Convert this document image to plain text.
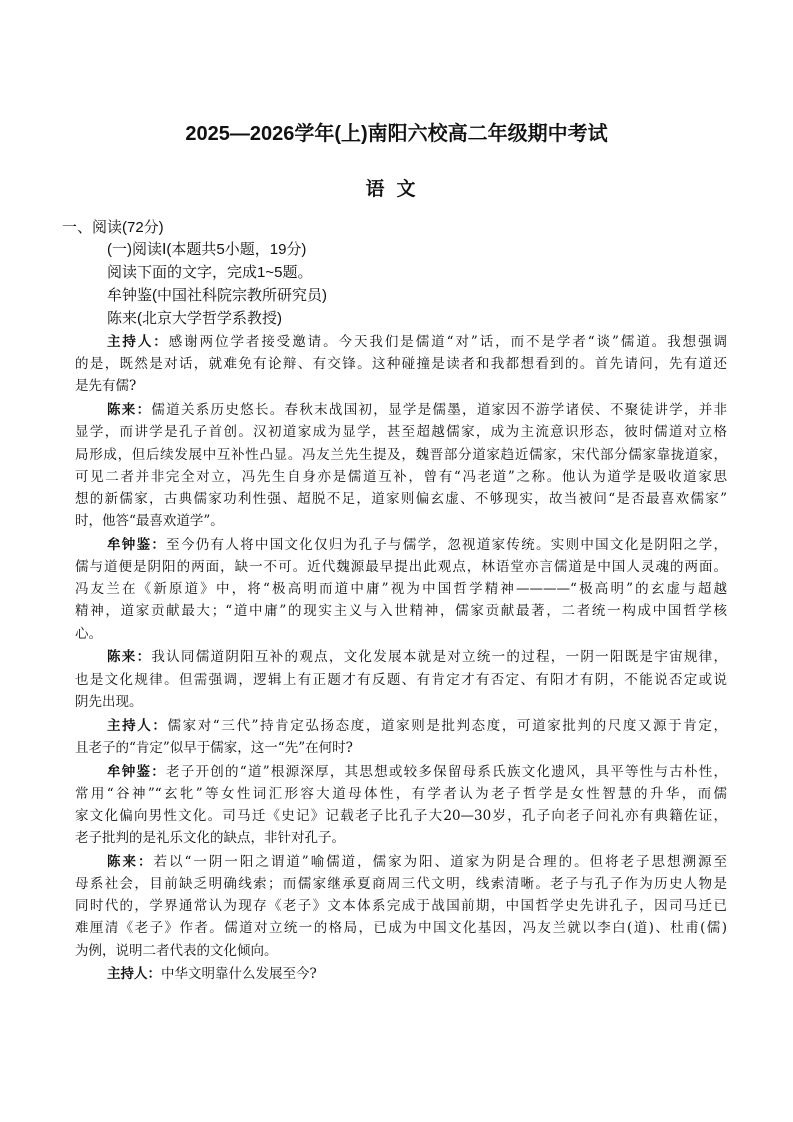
2025—2026学年(上)南阳六校高二年级期中考试
语文
一、阅读(72分)
(一)阅读Ⅰ(本题共5小题，19分)
阅读下面的文字，完成1~5题。
牟钟鉴(中国社科院宗教所研究员)
陈来(北京大学哲学系教授)
主持人：感谢两位学者接受邀请。今天我们是儒道“对”话，而不是学者“谈”儒道。我想强调
的是，既然是对话，就难免有论辩、有交锋。这种碰撞是读者和我都想看到的。首先请问，先有道还
是先有儒?
陈来：儒道关系历史悠长。春秋末战国初，显学是儒墨，道家因不游学诸侯、不聚徒讲学，并非
显学，而讲学是孔子首创。汉初道家成为显学，甚至超越儒家，成为主流意识形态，彼时儒道对立格
局形成，但后续发展中互补性凸显。冯友兰先生提及，魏晋部分道家趋近儒家，宋代部分儒家靠拢道家，
可见二者并非完全对立，冯先生自身亦是儒道互补，曾有“冯老道”之称。他认为道学是吸收道家思
想的新儒家，古典儒家功利性强、超脱不足，道家则偏玄虚、不够现实，故当被问“是否最喜欢儒家”
时，他答“最喜欢道学”。
牟钟鉴：至今仍有人将中国文化仅归为孔子与儒学，忽视道家传统。实则中国文化是阴阳之学，
儒与道便是阴阳的两面，缺一不可。近代魏源最早提出此观点，林语堂亦言儒道是中国人灵魂的两面。
冯友兰在《新原道》中，将“极高明而道中庸”视为中国哲学精神————“极高明”的玄虚与超越
精神，道家贡献最大；“道中庸”的现实主义与入世精神，儒家贡献最著，二者统一构成中国哲学核
心。
陈来：我认同儒道阴阳互补的观点，文化发展本就是对立统一的过程，一阴一阳既是宇宙规律，
也是文化规律。但需强调，逻辑上有正题才有反题、有肯定才有否定、有阳才有阴，不能说否定或说
阴先出现。
主持人：儒家对“三代”持肯定弘扬态度，道家则是批判态度，可道家批判的尺度又源于肯定，
且老子的“肯定”似早于儒家，这一“先”在何时?
牟钟鉴：老子开创的“道”根源深厚，其思想或较多保留母系氏族文化遗风，具平等性与古朴性，
常用“谷神”“玄牝”等女性词汇形容大道母体性，有学者认为老子哲学是女性智慧的升华，而儒
家文化偏向男性文化。司马迁《史记》记载老子比孔子大20—30岁，孔子向老子问礼亦有典籍佐证，
老子批判的是礼乐文化的缺点，非针对孔子。
陈来：若以“一阴一阳之谓道”喻儒道，儒家为阳、道家为阴是合理的。但将老子思想溯源至
母系社会，目前缺乏明确线索；而儒家继承夏商周三代文明，线索清晰。老子与孔子作为历史人物是
同时代的，学界通常认为现存《老子》文本体系完成于战国前期，中国哲学史先讲孔子，因司马迁已
难厘清《老子》作者。儒道对立统一的格局，已成为中国文化基因，冯友兰就以李白(道)、杜甫(儒)
为例，说明二者代表的文化倾向。
主持人：中华文明靠什么发展至今?
